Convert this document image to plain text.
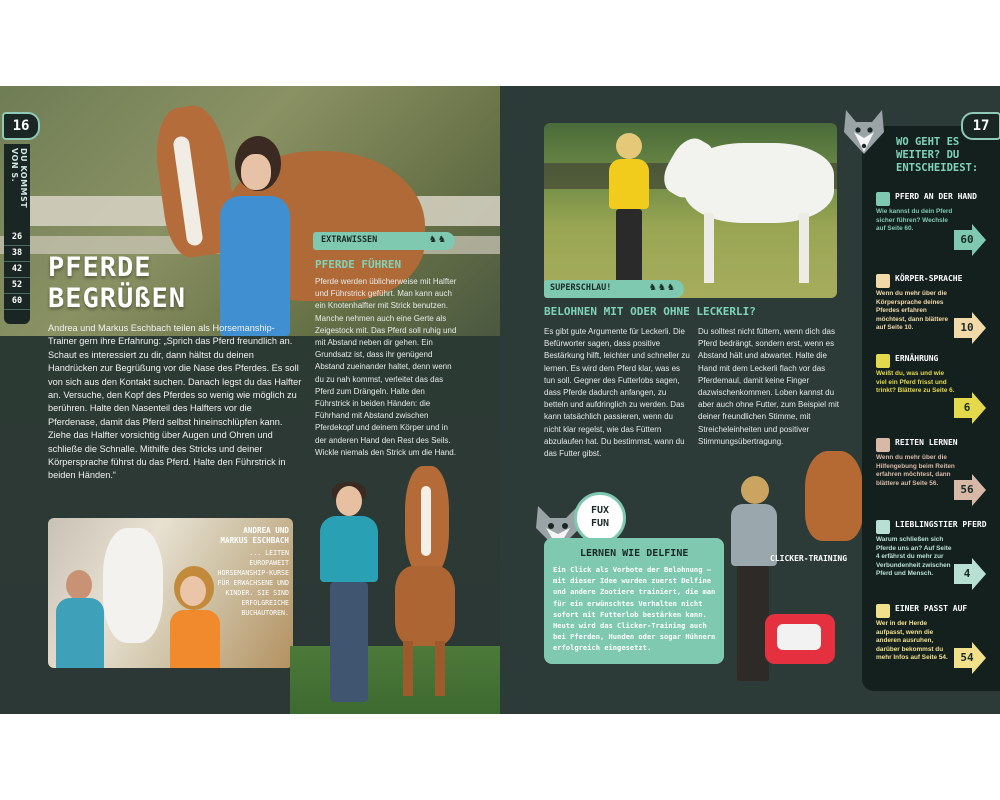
16
DU KOMMST VON S.
26
38
42
52
60
PFERDE
BEGRÜßEN
Andrea und Markus Eschbach teilen als Horsemanship-Trainer gern ihre Erfahrung: „Sprich das Pferd freundlich an. Schaut es interessiert zu dir, dann hältst du deinen Handrücken zur Begrüßung vor die Nase des Pferdes. Es soll von sich aus den Kontakt suchen. Danach legst du das Halfter an. Versuche, den Kopf des Pferdes so wenig wie möglich zu berühren. Halte den Nasenteil des Halfters vor die Pferdenase, damit das Pferd selbst hineinschlüpfen kann. Ziehe das Halfter vorsichtig über Augen und Ohren und schließe die Schnalle. Mithilfe des Stricks und deiner Körpersprache führst du das Pferd. Halte den Führstrick in beiden Händen.“
ANDREA UND MARKUS ESCHBACH
... LEITEN EUROPAWEIT HORSEMANSHIP-KURSE FÜR ERWACHSENE UND KINDER. SIE SIND ERFOLGREICHE BUCHAUTOREN.
EXTRAWISSEN	♞♞
PFERDE FÜHREN
Pferde werden üblicherweise mit Halfter und Führstrick geführt. Man kann auch ein Knotenhalfter mit Strick benutzen. Manche nehmen auch eine Gerte als Zeigestock mit. Das Pferd soll ruhig und mit Abstand neben dir gehen. Ein Grundsatz ist, dass ihr genügend Abstand zueinander haltet, denn wenn du zu nah kommst, verleitet das das Pferd zum Drängeln. Halte den Führstrick in beiden Händen: die Führhand mit Abstand zwischen Pferdekopf und deinem Körper und in der anderen Hand den Rest des Seils. Wickle niemals den Strick um die Hand.
SUPERSCHLAU!	♞♞♞
BELOHNEN MIT ODER OHNE LECKERLI?
Es gibt gute Argumente für Leckerli. Die Befürworter sagen, dass positive Bestärkung hilft, leichter und schneller zu lernen. Es wird dem Pferd klar, was es tun soll. Gegner des Futterlobs sagen, dass Pferde dadurch anfangen, zu betteln und aufdringlich zu werden. Das kann tatsächlich passieren, wenn du nicht klar regelst, wie das Füttern abzulaufen hat. Du bestimmst, wann du das Futter gibst.
Du solltest nicht füttern, wenn dich das Pferd bedrängt, sondern erst, wenn es Abstand hält und abwartet. Halte die Hand mit dem Leckerli flach vor das Pferdemaul, damit keine Finger dazwischenkommen. Loben kannst du aber auch ohne Futter, zum Beispiel mit deiner freundlichen Stimme, mit Streicheleinheiten und positiver Stimmungsübertragung.
FUX
FUN
LERNEN WIE DELFINE
Ein Click als Vorbote der Belohnung – mit dieser Idee wurden zuerst Delfine und andere Zootiere trainiert, die man für ein erwünschtes Verhalten nicht sofort mit Futterlob bestärken kann. Heute wird das Clicker-Training auch bei Pferden, Hunden oder sogar Hühnern erfolgreich eingesetzt.
CLICKER-TRAINING
17
WO GEHT ES WEITER? DU ENTSCHEIDEST:
PFERD AN DER HAND
Wie kannst du dein Pferd sicher führen? Wechsle auf Seite 60.
60
KÖRPER-SPRACHE
Wenn du mehr über die Körpersprache deines Pferdes erfahren möchtest, dann blättere auf Seite 10.	10
ERNÄHRUNG
Weißt du, was und wie viel ein Pferd frisst und trinkt? Blättere zu Seite 6.
6
REITEN LERNEN
Wenn du mehr über die Hilfengebung beim Reiten erfahren möchtest, dann blättere auf Seite 56.	56
LIEBLINGSTIER PFERD
Warum schließen sich Pferde uns an? Auf Seite 4 erfährst du mehr zur Verbundenheit zwischen Pferd und Mensch.	4
EINER PASST AUF
Wer in der Herde aufpasst, wenn die anderen ausruhen, darüber bekommst du mehr Infos auf Seite 54.	54
